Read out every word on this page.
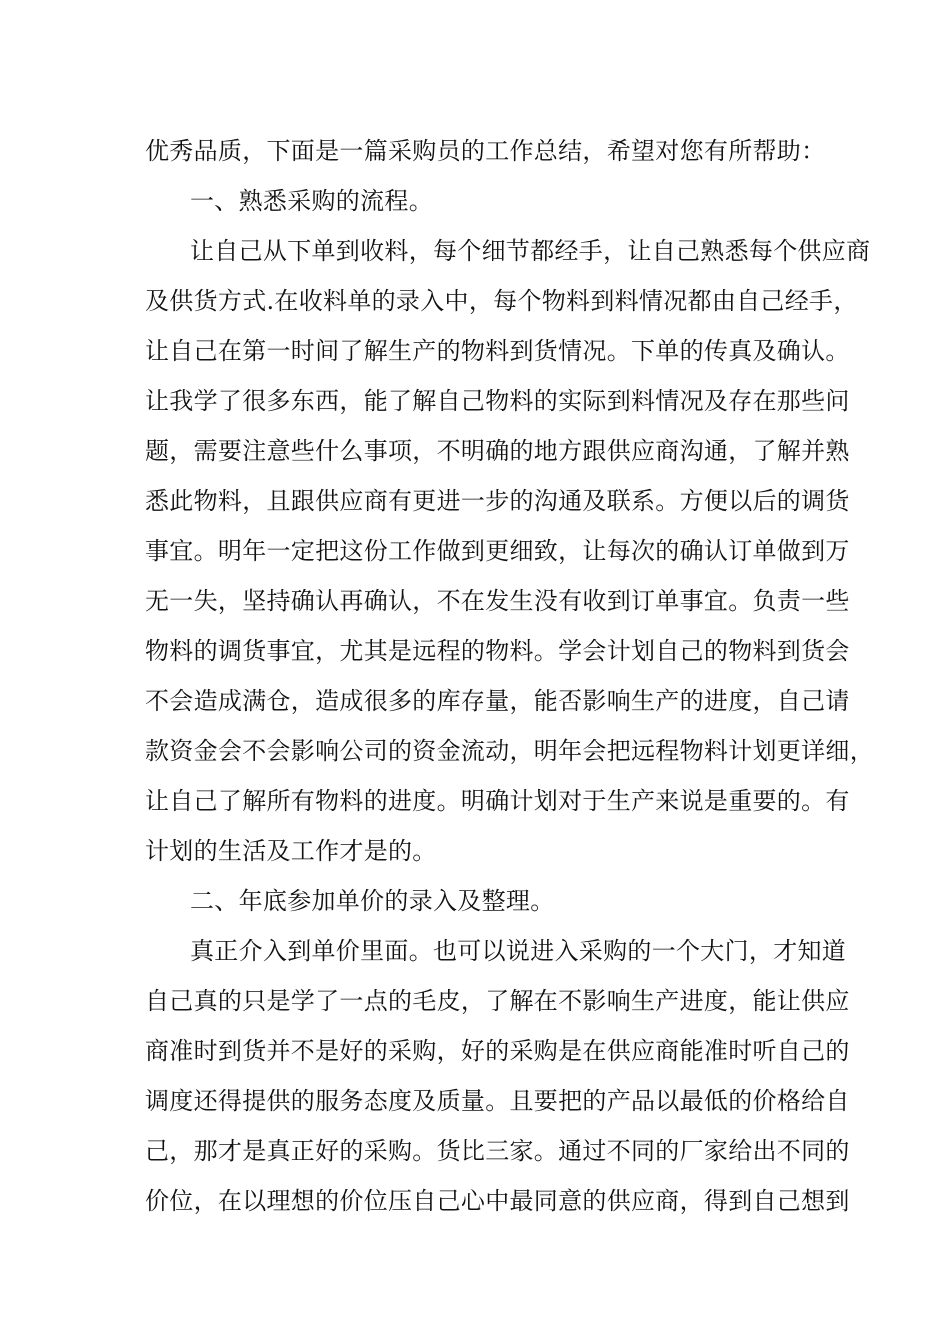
优秀品质，下面是一篇采购员的工作总结，希望对您有所帮助：
一、熟悉采购的流程。
让自己从下单到收料，每个细节都经手，让自己熟悉每个供应商
及供货方式.在收料单的录入中，每个物料到料情况都由自己经手，
让自己在第一时间了解生产的物料到货情况。下单的传真及确认。
让我学了很多东西，能了解自己物料的实际到料情况及存在那些问
题，需要注意些什么事项，不明确的地方跟供应商沟通，了解并熟
悉此物料，且跟供应商有更进一步的沟通及联系。方便以后的调货
事宜。明年一定把这份工作做到更细致，让每次的确认订单做到万
无一失，坚持确认再确认，不在发生没有收到订单事宜。负责一些
物料的调货事宜，尤其是远程的物料。学会计划自己的物料到货会
不会造成满仓，造成很多的库存量，能否影响生产的进度，自己请
款资金会不会影响公司的资金流动，明年会把远程物料计划更详细，
让自己了解所有物料的进度。明确计划对于生产来说是重要的。有
计划的生活及工作才是的。
二、年底参加单价的录入及整理。
真正介入到单价里面。也可以说进入采购的一个大门，才知道
自己真的只是学了一点的毛皮，了解在不影响生产进度，能让供应
商准时到货并不是好的采购，好的采购是在供应商能准时听自己的
调度还得提供的服务态度及质量。且要把的产品以最低的价格给自
己，那才是真正好的采购。货比三家。通过不同的厂家给出不同的
价位，在以理想的价位压自己心中最同意的供应商，得到自己想到
